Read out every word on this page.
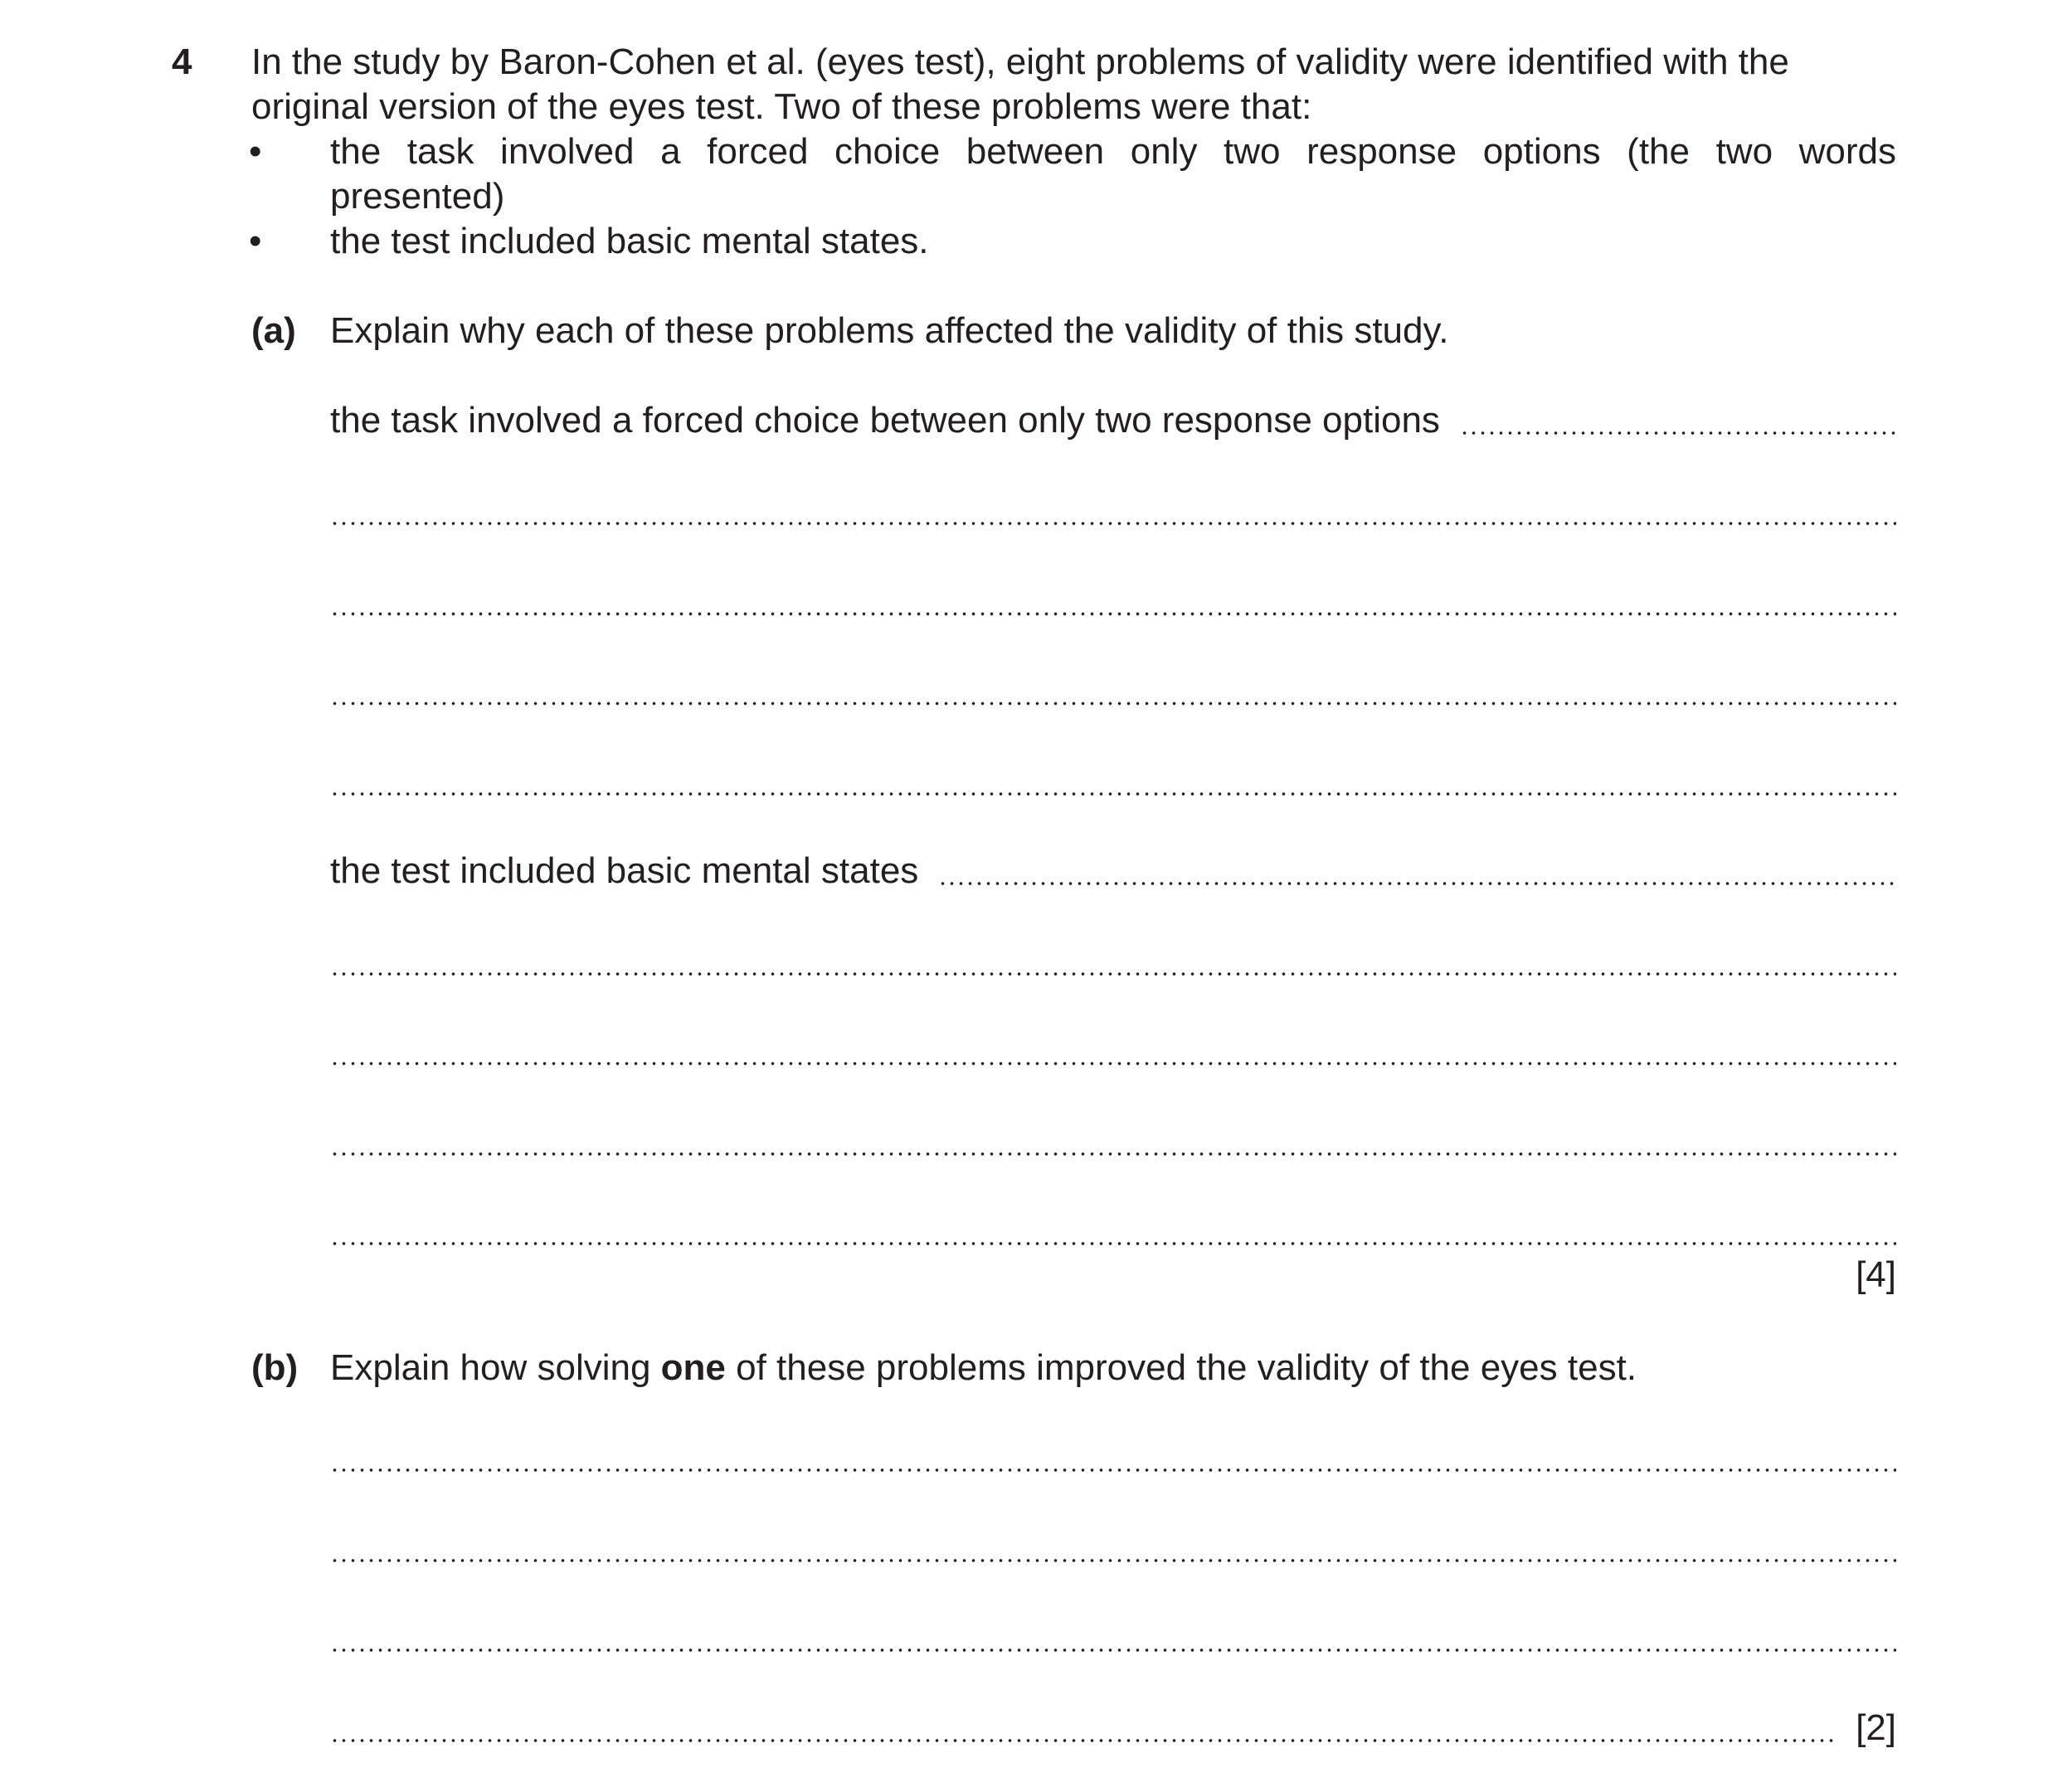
4 In the study by Baron-Cohen et al. (eyes test), eight problems of validity were identified with the
original version of the eyes test. Two of these problems were that:
• the task involved a forced choice between only two response options (the two words
presented)
• the test included basic mental states.
(a) Explain why each of these problems affected the validity of this study.
the task involved a forced choice between only two response options
the test included basic mental states
[4]
(b) Explain how solving one of these problems improved the validity of the eyes test.
[2]
